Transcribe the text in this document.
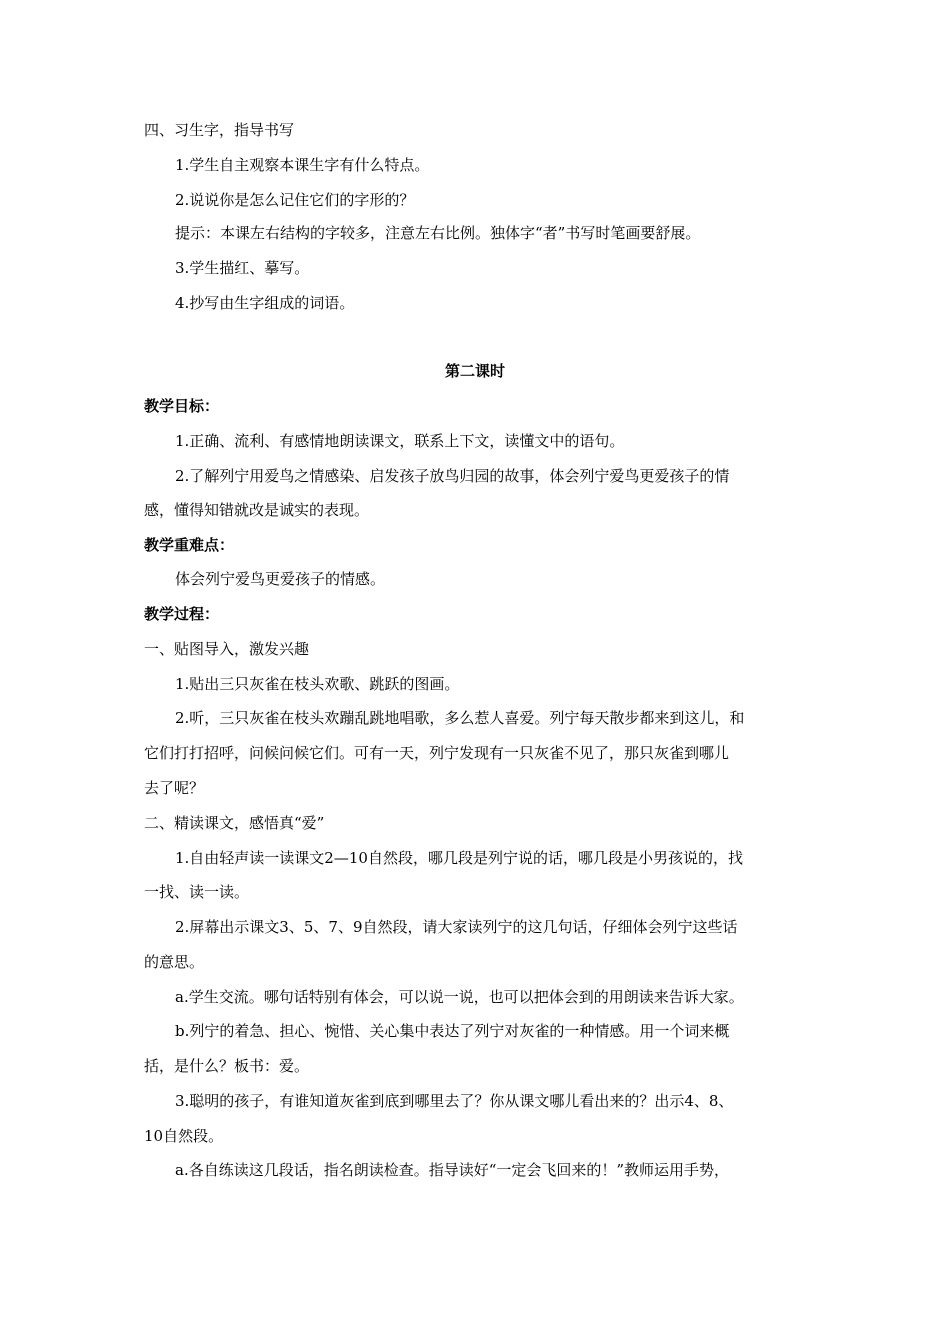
四、习生字，指导书写
1.学生自主观察本课生字有什么特点。
2.说说你是怎么记住它们的字形的？
提示：本课左右结构的字较多，注意左右比例。独体字“者”书写时笔画要舒展。
3.学生描红、摹写。
4.抄写由生字组成的词语。
第二课时
教学目标：
1.正确、流利、有感情地朗读课文，联系上下文，读懂文中的语句。
2.了解列宁用爱鸟之情感染、启发孩子放鸟归园的故事，体会列宁爱鸟更爱孩子的情
感，懂得知错就改是诚实的表现。
教学重难点：
体会列宁爱鸟更爱孩子的情感。
教学过程：
一、贴图导入，激发兴趣
1.贴出三只灰雀在枝头欢歌、跳跃的图画。
2.听，三只灰雀在枝头欢蹦乱跳地唱歌，多么惹人喜爱。列宁每天散步都来到这儿，和
它们打打招呼，问候问候它们。可有一天，列宁发现有一只灰雀不见了，那只灰雀到哪儿
去了呢？
二、精读课文，感悟真“爱”
1.自由轻声读一读课文2—10自然段，哪几段是列宁说的话，哪几段是小男孩说的，找
一找、读一读。
2.屏幕出示课文3、5、7、9自然段，请大家读列宁的这几句话，仔细体会列宁这些话
的意思。
a.学生交流。哪句话特别有体会，可以说一说，也可以把体会到的用朗读来告诉大家。
b.列宁的着急、担心、惋惜、关心集中表达了列宁对灰雀的一种情感。用一个词来概
括，是什么？板书：爱。
3.聪明的孩子，有谁知道灰雀到底到哪里去了？你从课文哪儿看出来的？出示4、8、
10自然段。
a.各自练读这几段话，指名朗读检查。指导读好“一定会飞回来的！”教师运用手势，
